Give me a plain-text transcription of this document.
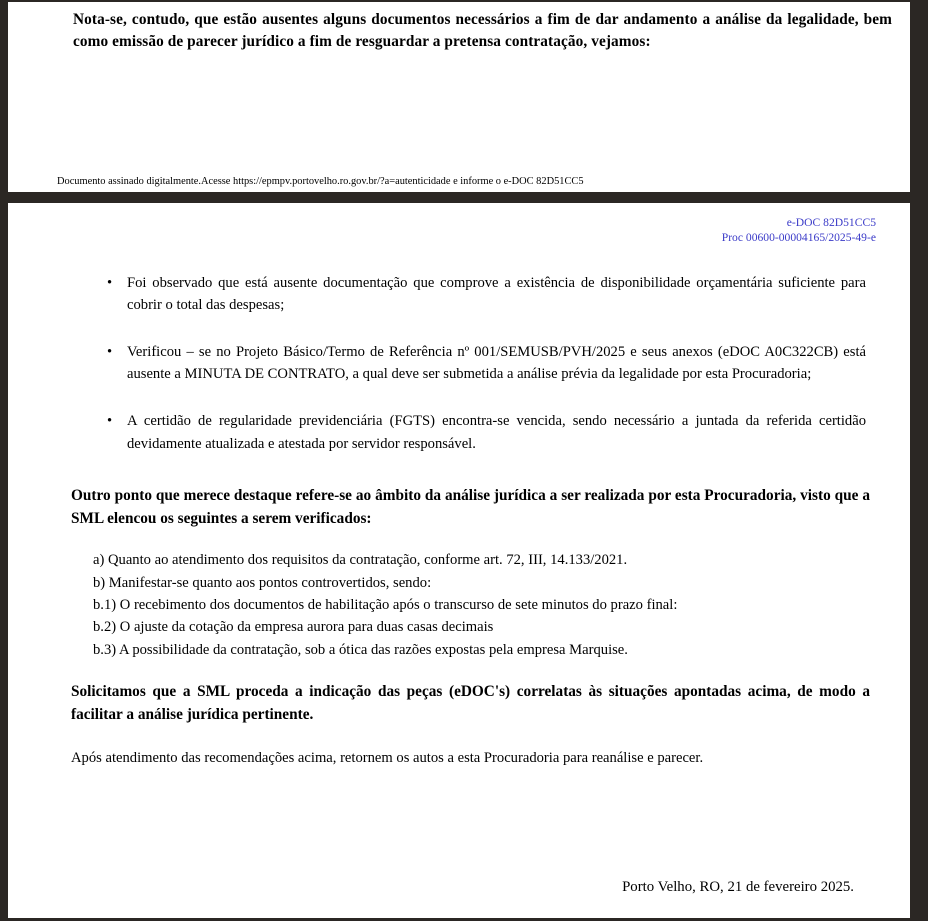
Nota-se, contudo, que estão ausentes alguns documentos necessários a fim de dar andamento a análise da legalidade, bem como emissão de parecer jurídico a fim de resguardar a pretensa contratação, vejamos:

Documento assinado digitalmente.Acesse https://epmpv.portovelho.ro.gov.br/?a=autenticidade e informe o e-DOC 82D51CC5
e-DOC 82D51CC5
Proc 00600-00004165/2025-49-e
• Foi observado que está ausente documentação que comprove a existência de disponibilidade orçamentária suficiente para cobrir o total das despesas;
• Verificou – se no Projeto Básico/Termo de Referência nº 001/SEMUSB/PVH/2025 e seus anexos (eDOC A0C322CB) está ausente a MINUTA DE CONTRATO, a qual deve ser submetida a análise prévia da legalidade por esta Procuradoria;
• A certidão de regularidade previdenciária (FGTS) encontra-se vencida, sendo necessário a juntada da referida certidão devidamente atualizada e atestada por servidor responsável.

Outro ponto que merece destaque refere-se ao âmbito da análise jurídica a ser realizada por esta Procuradoria, visto que a SML elencou os seguintes a serem verificados:

a) Quanto ao atendimento dos requisitos da contratação, conforme art. 72, III, 14.133/2021.
b) Manifestar-se quanto aos pontos controvertidos, sendo:
b.1) O recebimento dos documentos de habilitação após o transcurso de sete minutos do prazo final:
b.2) O ajuste da cotação da empresa aurora para duas casas decimais
b.3) A possibilidade da contratação, sob a ótica das razões expostas pela empresa Marquise.

Solicitamos que a SML proceda a indicação das peças (eDOC's) correlatas às situações apontadas acima, de modo a facilitar a análise jurídica pertinente.

Após atendimento das recomendações acima, retornem os autos a esta Procuradoria para reanálise e parecer.

Porto Velho, RO, 21 de fevereiro 2025.
